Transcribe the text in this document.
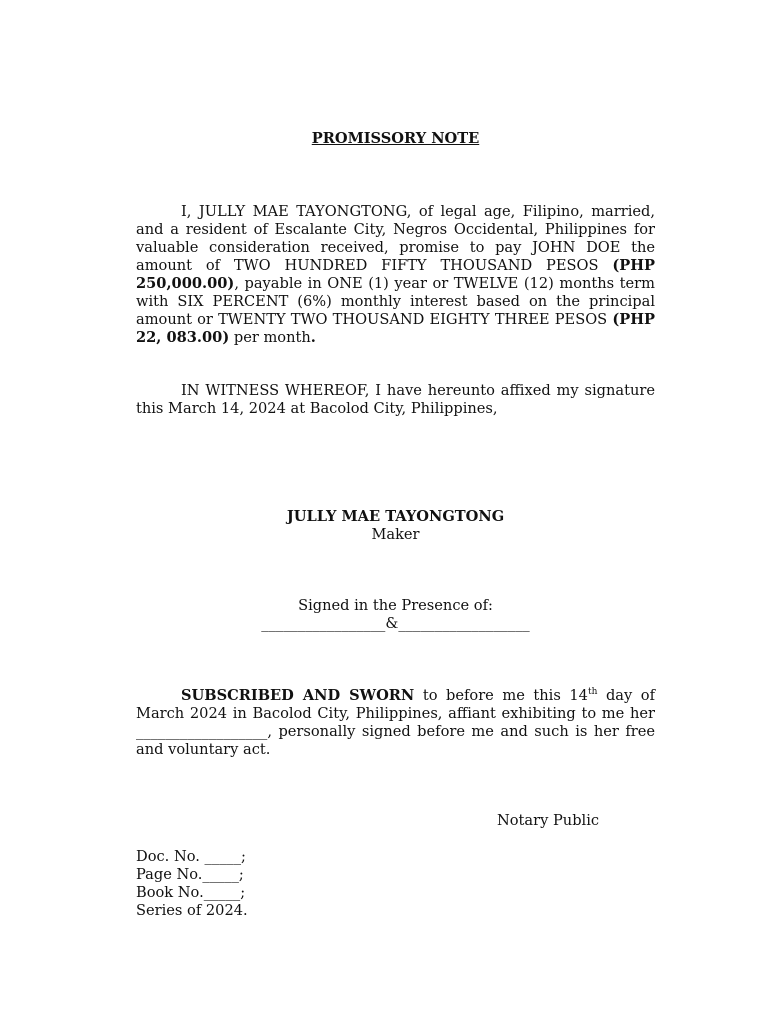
PROMISSORY NOTE
I, JULLY MAE TAYONGTONG, of legal age, Filipino, married, and a resident of Escalante City, Negros Occidental, Philippines for valuable consideration received, promise to pay JOHN DOE the amount of TWO HUNDRED FIFTY THOUSAND PESOS (PHP 250,000.00), payable in ONE (1) year or TWELVE (12) months term with SIX PERCENT (6%) monthly interest based on the principal amount or TWENTY TWO THOUSAND EIGHTY THREE PESOS (PHP 22, 083.00) per month.
IN WITNESS WHEREOF, I have hereunto affixed my signature this March 14, 2024 at Bacolod City, Philippines,
JULLY MAE TAYONGTONG
Maker
Signed in the Presence of:
_________________&__________________
SUBSCRIBED AND SWORN to before me this 14th day of March 2024 in Bacolod City, Philippines, affiant exhibiting to me her __________________, personally signed before me and such is her free and voluntary act.
Notary Public
Doc. No. _____;
Page No._____;
Book No._____;
Series of 2024.
